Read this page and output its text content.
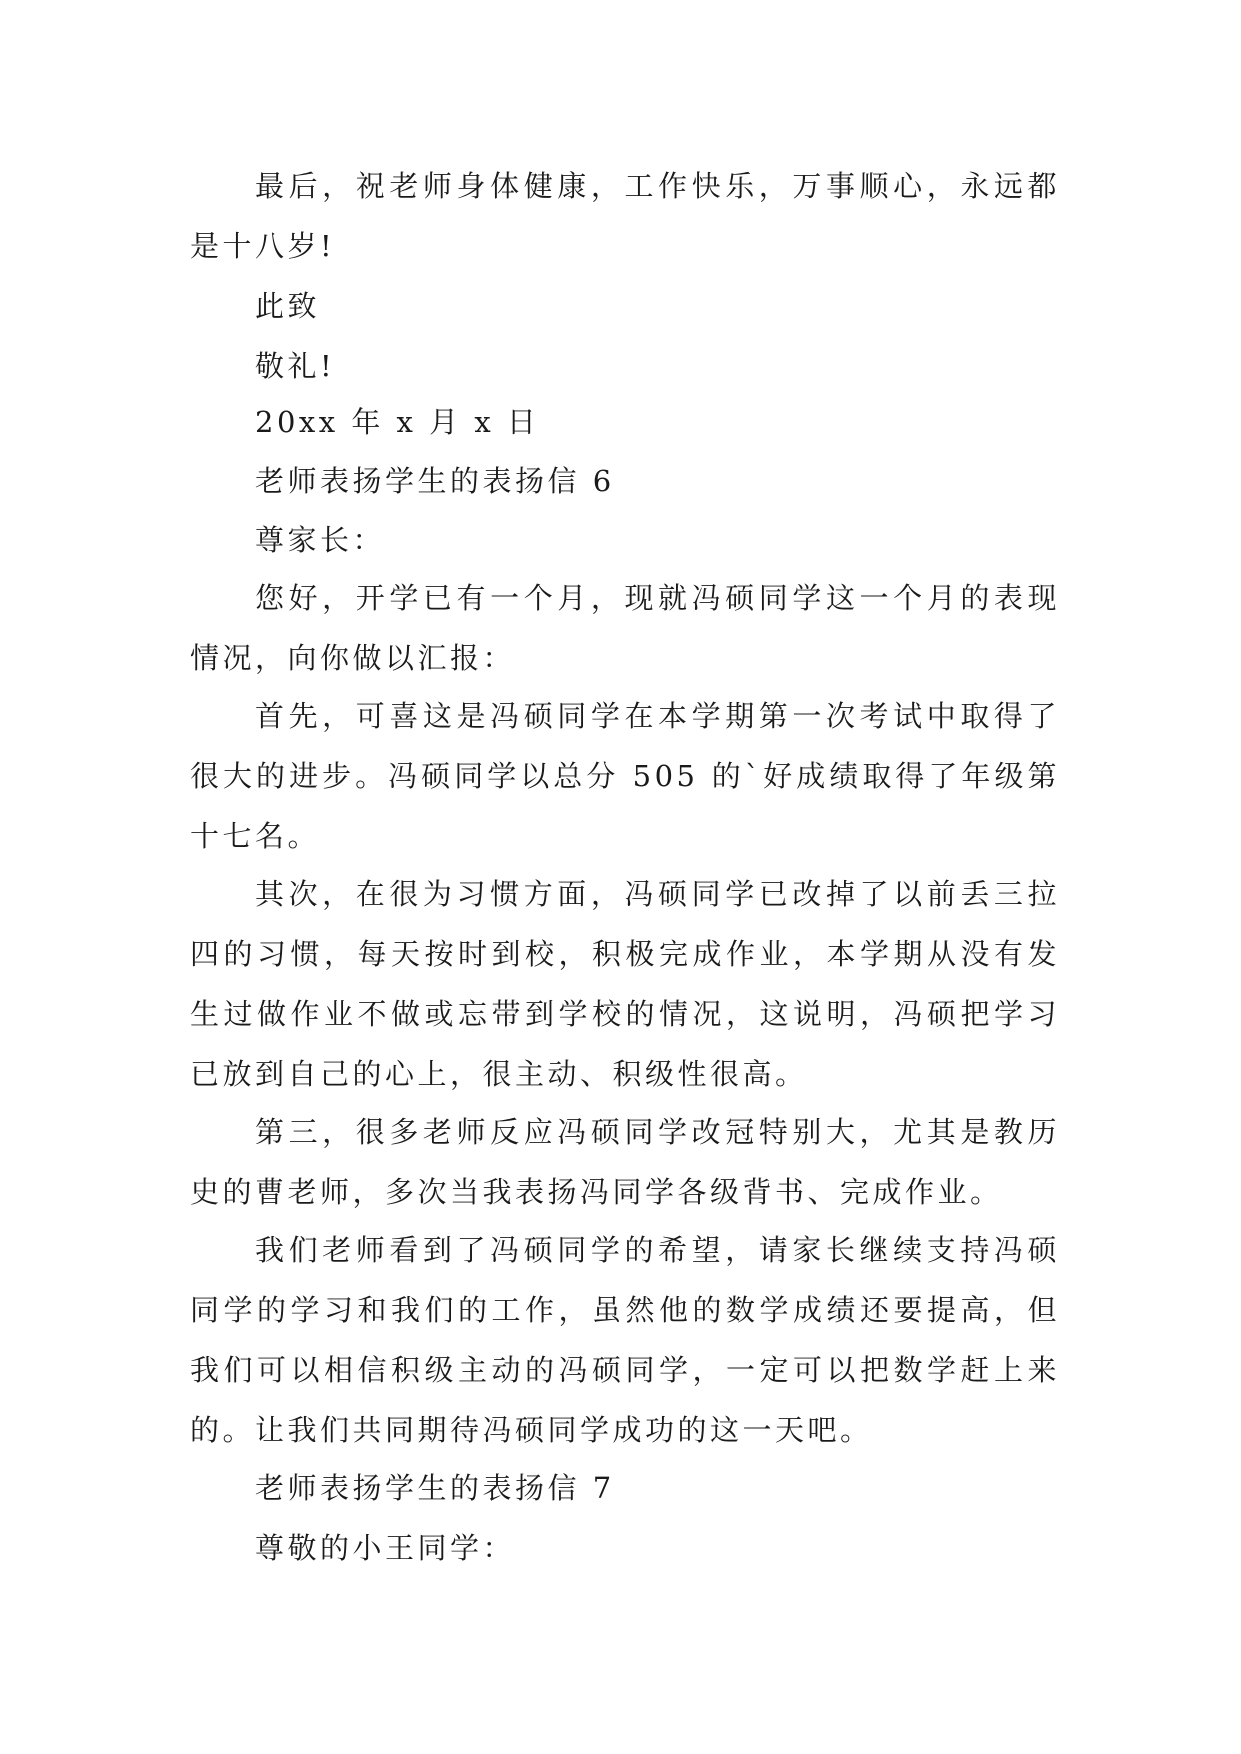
最后，祝老师身体健康，工作快乐，万事顺心，永远都
是十八岁!
此致
敬礼!
20xx 年 x 月 x 日
老师表扬学生的表扬信 6
尊家长：
您好，开学已有一个月，现就冯硕同学这一个月的表现
情况，向你做以汇报：
首先，可喜这是冯硕同学在本学期第一次考试中取得了
很大的进步。冯硕同学以总分 505 的`好成绩取得了年级第
十七名。
其次，在很为习惯方面，冯硕同学已改掉了以前丢三拉
四的习惯，每天按时到校，积极完成作业，本学期从没有发
生过做作业不做或忘带到学校的情况，这说明，冯硕把学习
已放到自己的心上，很主动、积级性很高。
第三，很多老师反应冯硕同学改冠特别大，尤其是教历
史的曹老师，多次当我表扬冯同学各级背书、完成作业。
我们老师看到了冯硕同学的希望，请家长继续支持冯硕
同学的学习和我们的工作，虽然他的数学成绩还要提高，但
我们可以相信积级主动的冯硕同学，一定可以把数学赶上来
的。让我们共同期待冯硕同学成功的这一天吧。
老师表扬学生的表扬信 7
尊敬的小王同学：
